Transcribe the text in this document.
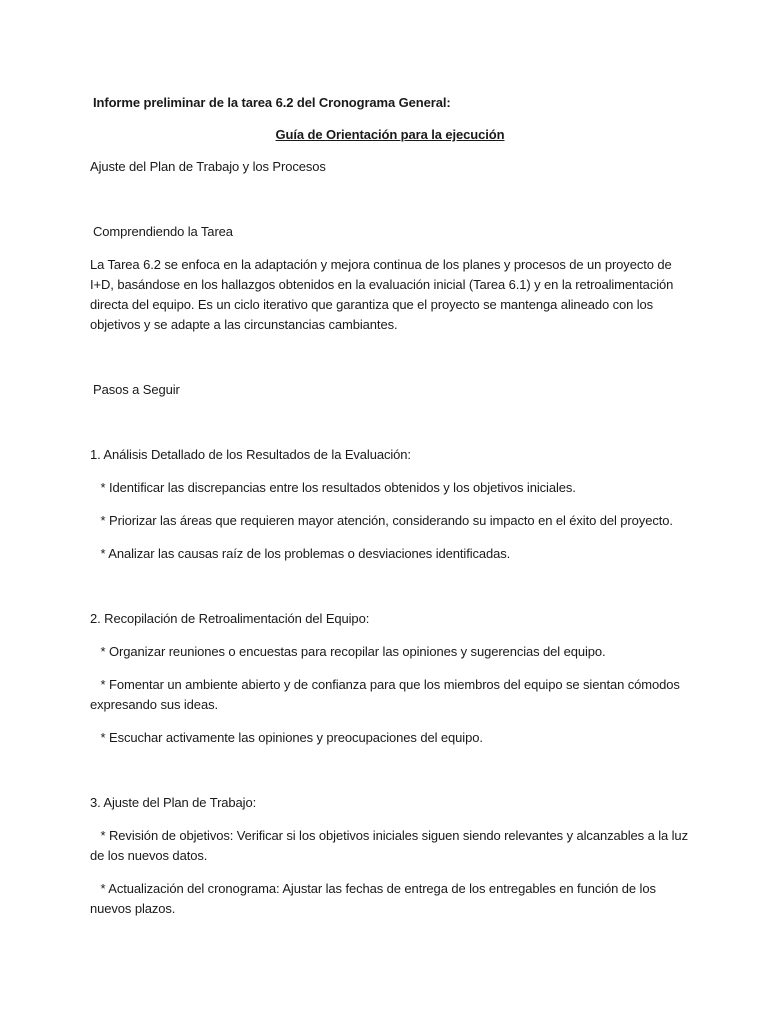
Informe preliminar de la tarea 6.2 del Cronograma General:

Guía de Orientación para la ejecución

Ajuste del Plan de Trabajo y los Procesos

Comprendiendo la Tarea

La Tarea 6.2 se enfoca en la adaptación y mejora continua de los planes y procesos de un proyecto de I+D, basándose en los hallazgos obtenidos en la evaluación inicial (Tarea 6.1) y en la retroalimentación directa del equipo. Es un ciclo iterativo que garantiza que el proyecto se mantenga alineado con los objetivos y se adapte a las circunstancias cambiantes.

Pasos a Seguir

1. Análisis Detallado de los Resultados de la Evaluación:

* Identificar las discrepancias entre los resultados obtenidos y los objetivos iniciales.

* Priorizar las áreas que requieren mayor atención, considerando su impacto en el éxito del proyecto.

* Analizar las causas raíz de los problemas o desviaciones identificadas.

2. Recopilación de Retroalimentación del Equipo:

* Organizar reuniones o encuestas para recopilar las opiniones y sugerencias del equipo.

* Fomentar un ambiente abierto y de confianza para que los miembros del equipo se sientan cómodos expresando sus ideas.

* Escuchar activamente las opiniones y preocupaciones del equipo.

3. Ajuste del Plan de Trabajo:

* Revisión de objetivos: Verificar si los objetivos iniciales siguen siendo relevantes y alcanzables a la luz de los nuevos datos.

* Actualización del cronograma: Ajustar las fechas de entrega de los entregables en función de los nuevos plazos.
